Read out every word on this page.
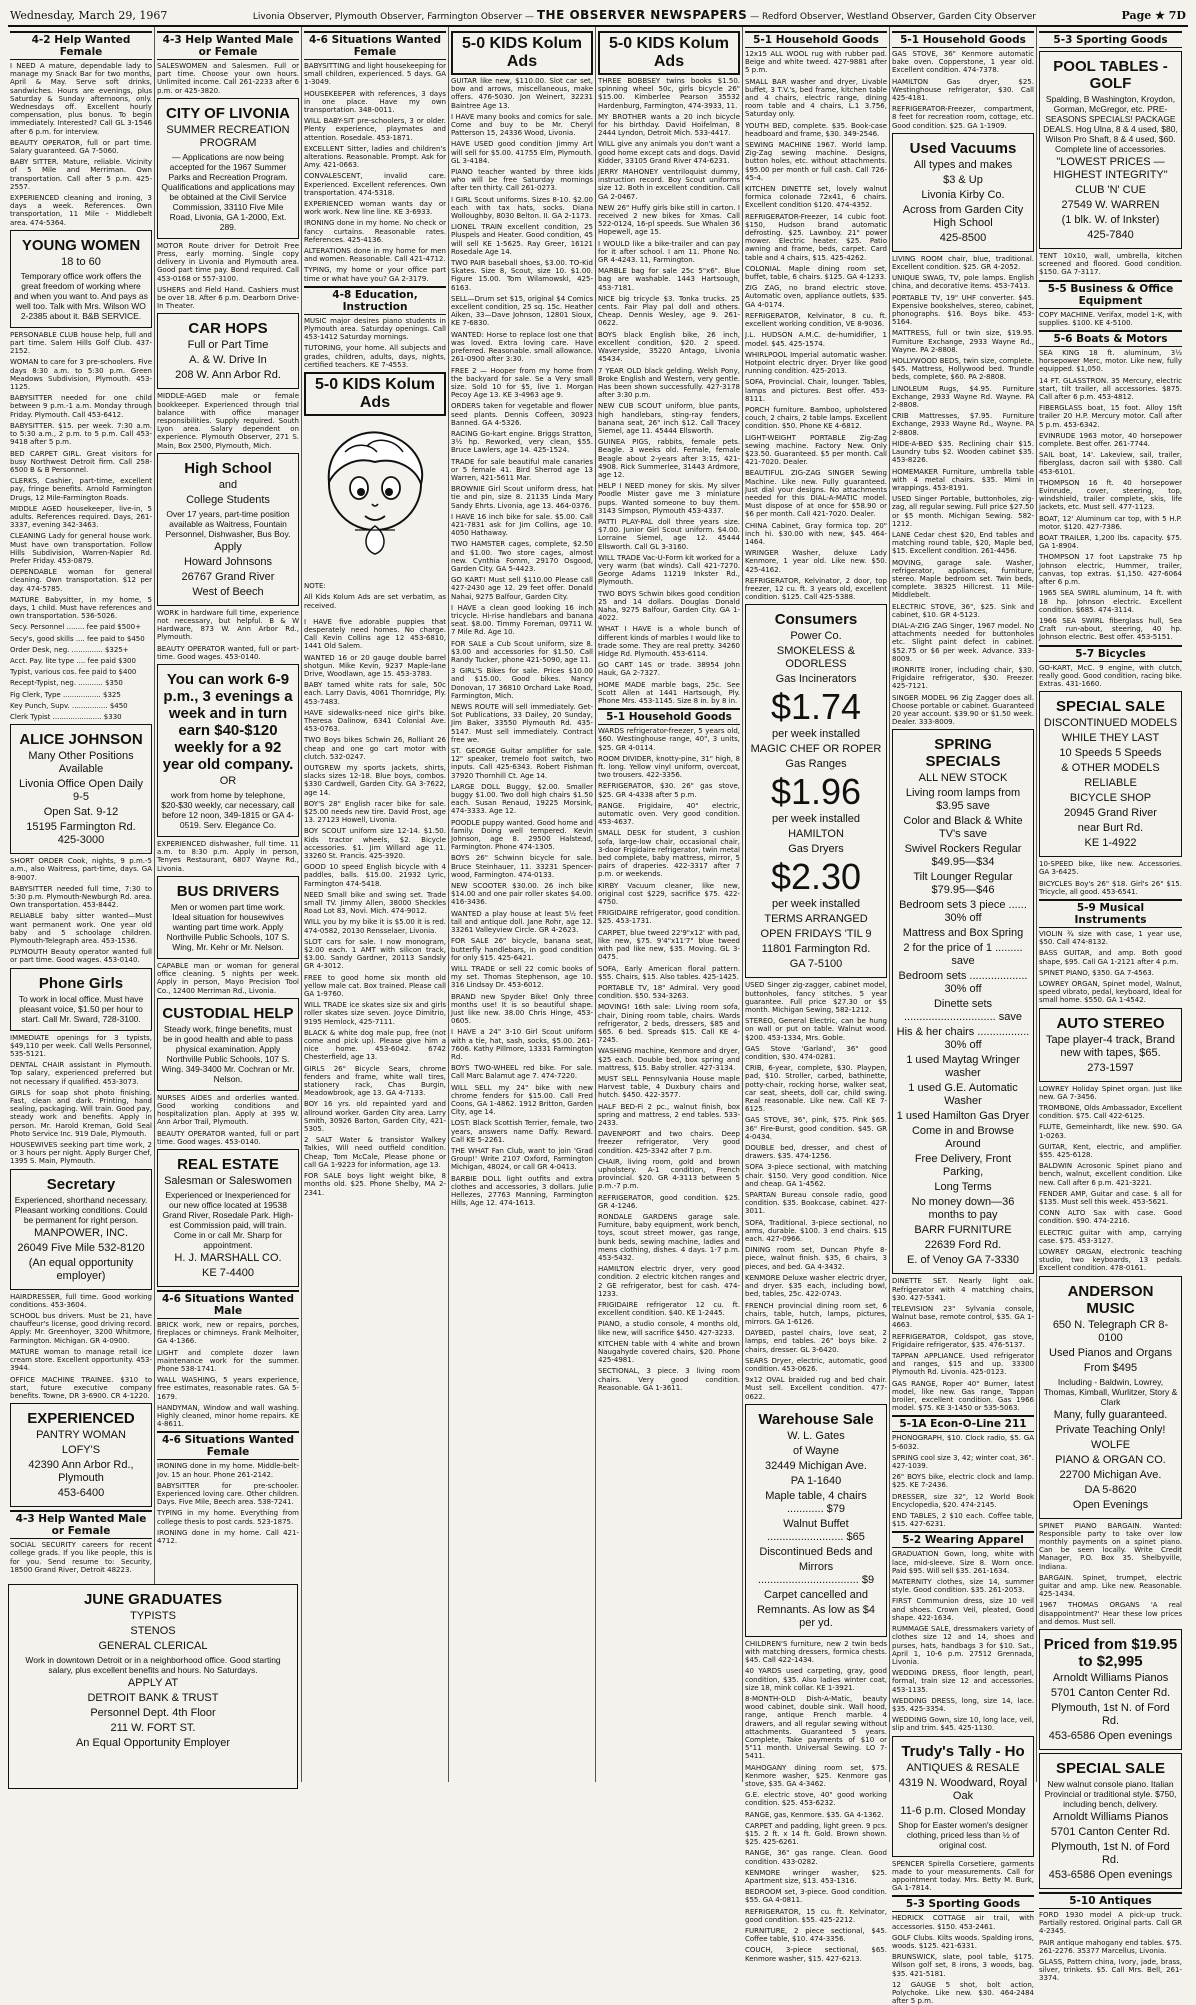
Wednesday, March 29, 1967	Livonia Observer, Plymouth Observer, Farmington Observer — THE OBSERVER NEWSPAPERS — Redford Observer, Westland Observer, Garden City Observer	Page ★ 7D
4-2 Help Wanted Female
I NEED A mature, dependable lady to manage my Snack Bar for two months, April & May. Serve soft drinks, sandwiches. Hours are evenings, plus Saturday & Sunday afternoons, only. Wednesdays off. Excellent hourly compensation, plus bonus. To begin immediately. Interested? Call GL 3-1546 after 6 p.m. for interview.
BEAUTY OPERATOR, full or part time. Salary guaranteed. GA 7-5060.
BABY SITTER. Mature, reliable. Vicinity of 5 Mile and Merriman. Own transportation. Call after 5 p.m. 425-2557.
EXPERIENCED cleaning and ironing, 3 days a week. References. Own transportation, 11 Mile - Middlebelt area. 474-5364.
YOUNG WOMEN
18 to 60
Temporary office work offers the great freedom of working where and when you want to. And pays as well too. Talk with Mrs. Wilson WO 2-2385 about it. B&B SERVICE.
PERSONABLE CLUB house help, full and part time. Salem Hills Golf Club. 437-2152.
WOMAN to care for 3 pre-schoolers. Five days 8:30 a.m. to 5:30 p.m. Green Meadows Subdivision, Plymouth. 453-1125.
BABYSITTER needed for one child between 9 p.m.-1 a.m. Monday through Friday. Plymouth. Call 453-6412.
BABYSITTER. $15. per week. 7:30 a.m. to 5:30 a.m., 2 p.m. to 5 p.m. Call 453-9418 after 5 p.m.
BED CARPET GIRL. Great visitors for busy Northwest Detroit firm. Call 258-6500 B & B Personnel.
CLERKS, Cashier, part-time, excellent pay, fringe benefits. Arnold Farmington Drugs, 12 Mile-Farmington Roads.
MIDDLE AGED housekeeper, live-in, 5 adults. References required. Days, 261-3337, evening 342-3463.
CLEANING Lady for general house work. Must have own transportation. Follow Hills Subdivision, Warren-Napier Rd. Prefer Friday. 453-0879.
DEPENDABLE woman for general cleaning. Own transportation. $12 per day. 474-5785.
MATURE Babysitter, in my home, 5 days, 1 child. Must have references and own transportation. 536-5026.
Secy. Personnel ........ fee paid $500+
Secy's, good skills .... fee paid to $450
Order Desk, neg. .............. $325+
Acct. Pay. lite type .... fee paid $300
Typist, various cos. fee paid to $400
Recept-Typist, neg. ........... $350
Fig Clerk, Type ................. $325
Key Punch, Supv. ................ $450
Clerk Typist ...................... $330
ALICE JOHNSON
Many Other Positions Available
Livonia Office Open Daily 9-5
Open Sat. 9-12
15195 Farmington Rd. 425-3000
SHORT ORDER Cook, nights, 9 p.m.-5 a.m., also Waitress, part-time, days. GA 8-9007.
BABYSITTER needed full time, 7:30 to 5:30 p.m. Plymouth-Newburgh Rd. area. Own transportation. 453-8442.
RELIABLE baby sitter wanted—Must want permanent work. One year old baby and 5 schoolage children. Plymouth-Telegraph area. 453-1536.
PLYMOUTH Beauty operator wanted full or part time. Good wages. 453-0140.
Phone Girls
To work in local office. Must have pleasant voice, $1.50 per hour to start. Call Mr. Sward, 728-3100.
IMMEDIATE openings for 3 typists, $49,110 per week. Call Wells Personnel, 535-5121.
DENTAL CHAIR assistant in Plymouth. Top salary, experienced preferred but not necessary if qualified. 453-3073.
GIRLS for soap shot photo finishing. Fast, clean and dark. Printing, hand sealing, packaging. Will train. Good pay, steady work and benefits. Apply in person. Mr. Harold Kreman, Gold Seal Photo Service Inc. 919 Dale, Plymouth.
HOUSEWIVES seeking part time work, 2 or 3 hours per night. Apply Burger Chef, 1395 S. Main, Plymouth.
Secretary
Experienced, shorthand necessary. Pleasant working conditions. Could be permanent for right person.
MANPOWER, INC.
26049 Five Mile 532-8120
(An equal opportunity employer)
HAIRDRESSER, full time. Good working conditions. 453-3604.
SCHOOL bus drivers. Must be 21, have chauffeur's license, good driving record. Apply: Mr. Greenhoyer, 3200 Whitmore, Farmington. Michigan. GR 4-0900.
MATURE woman to manage retail ice cream store. Excellent opportunity. 453-3944.
OFFICE MACHINE TRAINEE. $310 to start, future executive company benefits. Towne, DR 3-6900. CR 4-1220.
EXPERIENCED
PANTRY WOMAN
LOFY'S
42390 Ann Arbor Rd., Plymouth
453-6400
4-3 Help Wanted Male or Female
SOCIAL SECURITY careers for recent college grads. If you like people, this is for you. Send resume to: Security, 18500 Grand River, Detroit 48223.
4-3 Help Wanted Male or Female
SALESWOMEN and Salesmen. Full or part time. Choose your own hours. Unlimited income. Call 261-2233 after 6 p.m. or 425-3820.
CITY OF LIVONIA
SUMMER RECREATION PROGRAM
— Applications are now being accepted for the 1967 Summer Parks and Recreation Program. Qualifications and applications may be obtained at the Civil Service Commission, 33110 Five Mile Road, Livonia, GA 1-2000, Ext. 289.
MOTOR Route driver for Detroit Free Press, early morning. Single copy delivery in Livonia and Plymouth area. Good part time pay. Bond required. Call 453-0168 or 557-3100.
USHERS and Field Hand. Cashiers must be over 18. After 6 p.m. Dearborn Drive-In Theater.
CAR HOPS
Full or Part Time
A. & W. Drive In
208 W. Ann Arbor Rd.
MIDDLE-AGED male or female bookkeeper. Experienced through trial balance with office manager responsibilities. Supply required. South Lyon area. Salary dependent on experience. Plymouth Observer, 271 S. Main, Box 2500, Plymouth, Mich.
High School
and
College Students
Over 17 years, part-time position available as Waitress, Fountain Personnel, Dishwasher, Bus Boy.
Apply
Howard Johnsons
26767 Grand River
West of Beech
WORK in hardware full time, experience not necessary, but helpful. B & W Hardware, 873 W. Ann Arbor Rd., Plymouth.
BEAUTY OPERATOR wanted, full or part-time. Good wages. 453-0140.
You can work 6-9 p.m., 3 evenings a week and in turn earn $40-$120 weekly for a 92 year old company.
OR
work from home by telephone, $20-$30 weekly, car necessary, call before 12 noon, 349-1815 or GA 4-0519. Serv. Elegance Co.
EXPERIENCED dishwasher, full time. 11 a.m. to 8:30 p.m. Apply in person, Tenyes Restaurant, 6807 Wayne Rd., Livonia.
BUS DRIVERS
Men or women part time work. Ideal situation for housewives wanting part time work. Apply Northville Public Schools, 107 S. Wing, Mr. Kehr or Mr. Nelson.
CAPABLE man or woman for general office cleaning. 5 nights per week. Apply in person, Mayo Precision Tool Co., 12400 Merriman Rd., Livonia.
CUSTODIAL HELP
Steady work, fringe benefits, must be in good health and able to pass physical examination. Apply Northville Public Schools, 107 S. Wing. 349-3400 Mr. Cochran or Mr. Nelson.
NURSES AIDES and orderlies wanted. Good working conditions and hospitalization plan. Apply at 395 W. Ann Arbor Trail, Plymouth.
BEAUTY OPERATOR wanted, full or part time. Good wages. 453-0140.
REAL ESTATE
Salesman or Saleswomen
Experienced or Inexperienced for our new office located at 19538 Grand River, Rosedale Park. High-est Commission paid, will train. Come in or call Mr. Sharp for appointment.
H. J. MARSHALL CO.
KE 7-4400
4-6 Situations Wanted Male
BRICK work, new or repairs, porches, fireplaces or chimneys. Frank Melhoiter, GA 4-1366.
LIGHT and complete dozer lawn maintenance work for the summer. Phone 538-1741.
WALL WASHING, 5 years experience, free estimates, reasonable rates. GA 5-1679.
HANDYMAN, Window and wall washing. Highly cleaned, minor home repairs. KE 4-8611.
4-6 Situations Wanted Female
IRONING done in my home. Middle-belt-Jov. 15 an hour. Phone 261-2142.
BABYSITTER for pre-schooler. Experienced loving care. Other children. Days. Five Mile, Beech area. 538-7241.
TYPING in my home. Everything from college thesis to post cards. 523-1875.
IRONING done in my home. Call 421-4712.
4-6 Situations Wanted Female
BABYSITTING and light housekeeping for small children, experienced. 5 days. GA 1-3049.
HOUSEKEEPER with references, 3 days in one place. Have my own transportation. 348-0011.
WILL BABY-SIT pre-schoolers, 3 or older. Plenty experience, playmates and attention. Rosedale. 453-1871.
EXCELLENT Sitter, ladies and children's alterations. Reasonable. Prompt. Ask for Amy. 421-0663.
CONVALESCENT, invalid care. Experienced. Excellent references. Own transportation. 474-5318.
EXPERIENCED woman wants day or work work. New line line. KE 3-6933.
IRONING done in my home. No check or fancy curtains. Reasonable rates. References. 425-4136.
ALTERATIONS done in my home for men and women. Reasonable. Call 421-4712.
TYPING, my home or your office part time or what have you? GA 2-3179.
4-8 Education, Instruction
MUSIC major desires piano students in Plymouth area. Saturday openings. Call 453-1412 Saturday mornings.
TUTORING, your home. All subjects and grades, children, adults, days, nights, certified teachers. KE 7-4553.
5-0 KIDS Kolum Ads
NOTE:
All Kids Kolum Ads are set verbatim, as received.
I HAVE five adorable puppies that desperately need homes. No charge. Call Kevin Collins age 12 453-6810, 1441 Old Salem.
WANTED 16 or 20 gauge double barrel shotgun. Mike Kevin, 9237 Maple-lane Drive, Woodlawn, age 15. 453-3783.
BABY tamed white rats for sale, 50c each. Larry Davis, 4061 Thornridge, Ply. 453-7483.
HAVE sidewalks-need nice girl's bike. Theresa Dalinow, 6341 Colonial Ave. 453-0763.
TWO Boys bikes Schwin 26, Rolliant 26 cheap and one go cart motor with clutch. 532-0247.
OUTGREW my sports jackets, shirts, slacks sizes 12-18. Blue boys, combos. $330 Cardwell, Garden City. GA 3-7622, age 14.
BOY'S 28" English racer bike for sale. $25.00 needs new tire. David Frost, age 13. 27123 Howell, Livonia.
BOY SCOUT uniform size 12-14. $1.50. Kids tractor wheels, $2. Bicycle accessories. $1. Jim Willard age 11. 33260 St. Francis. 425-3920.
GOOD 10 speed English bicycle with 4 paddles, balls. $15.00. 21932 Lyric, Farmington 474-5418.
NEED Small bike and swing set. Trade small TV. Jimmy Allen, 38000 Sheckles Road Lot 83, Novi. Mich. 474-9012.
WILL you by my bike it is $5.00 it is red. 474-0582, 20130 Rensselaer, Livonia.
SLOT cars for sale. I now monogram, $2.00 each. 1 AMT with silicon track, $3.00. Sandy Gardner, 20113 Sandsly GR 4-3012.
FREE to good home six month old yellow male cat. Box trained. Please call GA 1-9760.
WILL TRADE ice skates size six and girls roller skates size seven. Joyce Dimitrio, 9195 Hemlock, 425-7111.
BLACK & white dog male pup, free (not come and pick up). Please give him a nice home. 453-6042. 6742 Chesterfield, age 13.
GIRLS 26" Bicycle Sears, chrome fenders and frame, white wall tires, stationery rack, Chas Burgin, Meadowbrook, age 13. GA 4-7133.
BOY 16 yrs. old repainted yard and allround worker. Garden City area. Larry Smith, 30926 Barton, Garden City, 421-5305.
2 SALT Water & transistor Walkey Talkies, Will need outfield condition. Cheap, Tom McCale, Please phone or call GA 1-9223 for information, age 13.
FOR SALE boys light weight bike, 8 months old. $25. Phone Shelby, MA 2-2341.
5-0 KIDS Kolum Ads
GUITAR like new, $110.00. Slot car set, bow and arrows, miscellaneous, make offers. 476-5030. Jon Weinert, 32231 Baintree Age 13.
I HAVE many books and comics for sale. Come and buy to be Mr. Cheryl Patterson 15, 24336 Wood, Livonia.
HAVE USED good condition Jimmy Art will sell for $5.00. 41755 Elm, Plymouth. GL 3-4184.
PIANO teacher wanted by three kids who will be free Saturday mornings after ten thirty. Call 261-0273.
I GIRL Scout uniforms. Sizes 8-10. $2.00 each with tax hats, socks. Diana Wolloughby, 8030 Belton. II. GA 2-1173.
LIONEL TRAIN excellent condition, 25 Pluspels and Heater. Good condition, 45 will sell KE 1-5625. Ray Greer, 16121 Rosedale Age 14.
TWO PAIR baseball shoes, $3.00. TO-Kid Skates. Size 8, Scout, size 10. $1.00. Figure 15.00. Tom Wilamowski, 425-6163.
SELL—Drum set $15, original $4 Comics excellent condition, 25 sq. 15c. Heather Aiken, 33—Dave Johnson, 12801 Sioux, KE 7-6830.
WANTED: Horse to replace lost one that was loved. Extra loving care. Have preferred. Reasonable. small allowance. 261-0900 after 3:30.
FREE 2 — Hooper from my home from the backyard for sale. Se a Very small size. Sold 10 for $5, live 1. Morgan Pecoy Age 13. KE 3-4963 age 9.
ORDERS taken for vegetable and flower seed plants. Dennis Coffeen, 30923 Banned. GA 4-5326.
RACING Go-kart engine. Briggs Stratton, 3½ hp. Reworked, very clean, $55. Bruce Lawlers, age 14. 425-1524.
TRADE for sale beautiful male canaries or 5 female 41. Bird Sherrod age 13 Warren, 421-5611 Mar.
BROWNIE Girl Scout uniform dress, hat tie and pin, size 8. 21135 Linda Mary Sandy Ehrts. Livonia, age 13. 464-0376.
I HAVE 16 inch bike for sale. $5.00. Call 421-7831 ask for Jim Collins, age 10. 4050 Hathaway.
TWO HAMSTER cages, complete, $2.50 and $1.00. Two store cages, almost new. Cynthia Fomm, 29170 Osgood, Garden City. GA 5-4423.
GO KART! Must sell $110.00 Please call 427-2430 age 12. 29 feet offer. Donald Nahai, 9275 Balfour, Garden City.
I HAVE a clean good looking 16 inch tricycle. Hi-rise handlebars and banana seat. $8.00. Timmy Foreman, 09711 W. 7 Mile Rd. Age 10.
FOR SALE a Cub Scout uniform, size 8. $3.00 and accessories for $1.50. Call Randy Tucker, phone 421-5090, age 11.
3 GIRL'S Bikes for sale. Prices $10.00 and $15.00. Good bikes. Nancy Donovan, 17 36810 Orchard Lake Road, Farmington, Mich.
NEWS ROUTE will sell immediately. Get-Sot Publications, 33 Dailey, 20 Sunday, Jim Baker, 33550 Plymouth Rd. 435-5147. Must sell immediately. Contract free we.
ST. GEORGE Guitar amplifier for sale. 12" speaker, tremelo foot switch, two inputs. Call 425-6343. Robert Fishman 37920 Thornhill Ct. Age 14.
LARGE DOLL Buggy, $2.00. Smaller buggy $1.00. Two doll high chairs $1.50 each. Susan Renaud, 19225 Morsink, 474-3333. Age 12.
POODLE puppy wanted. Good home and family. Doing well tempered. Kevin Johnson, age 8. 29500 Halstead, Farmington. Phone 474-1305.
BOYS 26" Schwinn bicycle for sale. Bruce Steinhauer, 11. 33231 Spencer-wood, Farmington. 474-0133.
NEW SCOOTER $30.00. 26 inch bike $14.00 and one pair roller skates $4.00. 416-3436.
WANTED a play house at least 5½ feet tall and antique doll. Jane Rohr, age 12. 33261 Valleyview Circle. GR 4-2623.
FOR SALE 26" bicycle, banana seat, butterfly handlebars, in good condition for only $15. 425-6421.
WILL TRADE or sell 22 comic books of my set. Thomas Stephenson, age 10. 316 Lindsay Dr. 453-6012.
BRAND new Spyder Bike! Only three months use! It is so beautiful shape. Just like new. 38.00 Chris Hinge, 453-0605.
I HAVE a 24" 3-10 Girl Scout uniform with a tie, hat, sash, socks, $5.00. 261-7606. Kathy Pillmore, 13331 Farmington Rd.
BOYS TWO-WHEEL red bike. For sale. Call Marc Balamut age 7. 474-7220.
WILL SELL my 24" bike with new chrome fenders for $15.00. Call Fred Coons, GA 1-4862. 1912 Britton, Garden City, age 14.
LOST: Black Scottish Terrier, female, two years, answers name Daffy. Reward. Call KE 5-2261.
THE WHAT Fan Club, want to join 'Grad Group!' Write 2107 Oxford, Farmington Michigan, 48024, or call GR 4-0413.
BARBIE DOLL light outfits and extra clothes and accessories, 3 dollars. Julie Hellezes, 27763 Manning, Farmington Hills, Age 12. 474-1613.
5-0 KIDS Kolum Ads
THREE BOBBSEY twins books $1.50. spinning wheel 50c, girls bicycle 26" $15.00. Kimberlee Pearson 35532 Hardenburg, Farmington, 474-3933, 11.
MY BROTHER wants a 20 inch bicycle for his birthday. David Hoifelman, 8 2444 Lyndon, Detroit Mich. 533-4417.
WILL give any animals you don't want a good home except cats and dogs. David Kidder, 33105 Grand River 474-6231.
JERRY MAHONEY ventriloquist dummy, instruction record. Boy Scout uniforms size 12. Both in excellent condition. Call GA 2-0467.
NEW 26" Huffy girls bike still in carton. I received 2 new bikes for Xmas. Call 522-0124, 16-pl speeds. Sue Whalen 36 Hopewell, age 15.
I WOULD like a bike-trailer and can pay for it after school. I am 11. Phone No. GR 4-4243. 11, Farmington.
MARBLE bag for sale 25c 5"x6". Blue bag are washable. 1443 Hartsough, 453-7181.
NICE big tricycle $3. Tonka trucks. 25 cents. Fair Play pal doll and others. Cheap. Dennis Wesley, age 9. 261-0622.
BOYS black English bike, 26 inch, excellent condition, $20. 2 speed. Waveryside, 35220 Antago, Livonia 45434.
7 YEAR OLD black gelding. Welsh Pony, Broke English and Western, very gentle. Has been shown successfully. 427-3178 after 3:30 p.m.
NEW CUB SCOUT uniform, blue pants, high handlebars, sting-ray fenders, banana seat, 26" inch $12. Call Tracey Siemel, age 11. 45444 Ellsworth.
GUINEA PIGS, rabbits, female pets. Beagle. 3 weeks old. Female, female Beagle about 2-years after 3:15, 421-4908. Rick Summerlee, 31443 Ardmore, age 12.
HELP I NEED money for skis. My silver Poodle Mister gave me 3 miniature pups. Wanted someone to buy them. 3143 Simpson, Plymouth 453-4337.
PATTI PLAY-PAL doll three years size. $7.00. Junior Girl Scout uniform. $4.00. Lorraine Siemel, age 12. 45444 Ellsworth. Call GL 3-3160.
WILL TRADE Vac-U-Form kit worked for a very warm (bat winds). Call 421-7270. George Adams 11219 Inkster Rd., Plymouth.
TWO BOYS Schwin bikes good condition 25 and 14 dollars. Douglas Donald Naha, 9275 Balfour, Garden City. GA 1-4022.
WHAT I HAVE is a whole bunch of different kinds of marbles I would like to trade some. They are real pretty. 34260 Hidge Rd. Plymouth. 453-6114.
GO CART 14S or trade. 38954 John Hauk, GA 2-7327.
HOME MADE marble bags, 25c. See Scott Allen at 1441 Hartsough, Ply. Phone Mrs. 453-1145. Size 8 in. by 8 in.
5-1 Household Goods
WARDS refrigerator-freezer, 5 years old, $60. Westinghouse range, 40", 3 units, $25. GR 4-0114.
ROOM DIVIDER, knotty-pine, 31" high, 8 ft. long. Yellow vinyl uniform, overcoat, two trousers. 422-3356.
REFRIGERATOR, $30. 26" gas stove, $25. GR 4-4338 after 5 p.m.
RANGE. Frigidaire, 40" electric, automatic oven. Very good condition. 453-4637.
SMALL DESK for student, 3 cushion sofa, large-low chair, occasional chair, 3-door Frigidaire refrigerator, twin metal bed complete, baby mattress, mirror, 5 pairs of draperies. 422-3317 after 7 p.m. or weekends.
KIRBY Vacuum cleaner, like new, original cost $229, sacrifice $75. 422-4750.
FRIGIDAIRE refrigerator, good condition. $25. 453-1731.
CARPET, blue tweed 22'9"x12' with pad, like new, $75. 9'4"x11'7" blue tweed with pad like new, $35. Moving. GL 3-0475.
SOFA, Early American floral pattern. $55. Chairs, $15. Also tables. 425-1425.
PORTABLE TV, 18" Admiral. Very good condition. $50. 534-3263.
MOVING! 16th sale: Living room sofa, chair, Dining room table, chairs. Wards refrigerator, 2 beds, dressers, $85 and $65. 6 bed. Spreads $15. Call KE 4-7245.
WASHING machine, Kenmore and dryer, $25 each. Double bed, box spring and mattress, $15. Baby stroller. 427-3134.
MUST SELL Pennsylvania House maple Harvest table, 4 Duxbury chairs and hutch. $450. 422-3577.
HALF BED-Fi 2 pc., walnut finish, box spring and mattress, 2 end tables. 533-2433.
DAVENPORT and two chairs. Deep freezer refrigerator, Very good condition. 425-3342 after 7 p.m.
CHAIR, living room, gold and brown upholstery. A-1 condition, French provincial. $20. GR 4-3113 between 5 p.m.-7 p.m.
REFRIGERATOR, good condition. $25. GR 4-1246.
RONDALE GARDENS garage sale. Furniture, baby equipment, work bench, toys, scout street mower, gas range, bunk beds, sewing machine, ladies and mens clothing, dishes. 4 days. 1-7 p.m. 453-5432.
HAMILTON electric dryer, very good condition. 2 electric kitchen ranges and 2 GE refrigerator, best for cash. 474-1233.
FRIGIDAIRE refrigerator 12 cu. ft. excellent condition. $40. KE 1-2445.
PIANO, a studio console, 4 months old, like new, will sacrifice $450. 427-3233.
KITCHEN table with 4 white and brown Naugahyde covered chairs, $20. Phone 425-4981.
SECTIONAL, 3 piece. 3 living room chairs. Very good condition. Reasonable. GA 1-3611.
5-1 Household Goods
12x15 ALL WOOL rug with rubber pad. Beige and white tweed. 427-9881 after 5 p.m.
SMALL BAR washer and dryer, Livable buffet, 3 T.V.'s, bed frame, kitchen table and 4 chairs, electric range, dining room table and 4 chairs, L.1 3.756, Saturday only.
YOUTH BED, complete. $35. Book-case headboard and frame, $30. 349-2546.
SEWING MACHINE 1967. World lamp. Zig-Zag sewing machine. Designs, button holes, etc. without attachments. $95.00 per month or full cash. Call 726-45-4.
KITCHEN DINETTE set, lovely walnut formica colonade 72x41, 6 chairs. Excellent condition $120. 474-4352.
REFRIGERATOR-Freezer, 14 cubic foot. $150, Hudson brand automatic defrosting. $25. Lawnboy. 21" power mower. Electric heater. $25. Patio awning and frame, beds, carpet. Card table and 4 chairs, $15. 425-4262.
COLONIAL Maple dining room set, buffet, table, 6 chairs. $125. GA 4-1233.
ZIG ZAG, no brand electric stove. Automatic oven, appliance outlets, $35. GA 4-0174.
REFRIGERATOR, Kelvinator, 8 cu. ft. excellent working condition, VE 8-9036.
J.L. HUDSON A.M.C. de-humidifier, 1 model. $45. 425-1574.
WHIRLPOOL Imperial automatic washer. Hotpoint electric dryer. Dryer like good running condition. 425-2013.
SOFA, Provincial. Chair, lounger. Tables, lamps and pictures. Best offer. 453-8111.
PORCH furniture. Bamboo, upholstered couch, 2 chairs, 2 table lamps. Excellent condition. $50. Phone KE 4-6812.
LIGHT-WEIGHT PORTABLE Zig-Zag sewing machine. Factory New. Only $23.50. Guaranteed. $5 per month. Call 421-7020. Dealer.
BEAUTIFUL ZIG-ZAG SINGER Sewing Machine. Like new. Fully guaranteed. Just dial your designs. No attachments needed for this DIAL-A-MATIC model. Must dispose of at once for $58.90 or $6 per month. Call 421-7020. Dealer.
CHINA Cabinet, Gray formica top. 20" inch hi. $30.00 with new, $45. 464-1464.
WRINGER Washer, deluxe Lady Kenmore, 1 year old. Like new. $50. 425-4162.
REFRIGERATOR, Kelvinator, 2 door, top freezer, 12 cu. ft. 3 years old, excellent condition. $125. Call 425-5388.
Consumers
Power Co.
SMOKELESS & ODORLESS
Gas Incinerators
$1.74
per week installed
MAGIC CHEF OR ROPER
Gas Ranges
$1.96
per week installed
HAMILTON
Gas Dryers
$2.30
per week installed
TERMS ARRANGED
OPEN FRIDAYS 'TIL 9
11801 Farmington Rd.
GA 7-5100
USED Singer zig-zagger, cabinet model, buttonholes, fancy stitches. 5 year guarantee. Full price $27.30 or $5 month. Michigan Sewing, 582-1212.
STEREO, General Electric, can be hung on wall or put on table. Walnut wood. $200. 453-1334, Mrs. Goble.
GAS Stove 'Garland', 36" good condition, $30. 474-0281.
CRIB, 6-year, complete, $30. Playpen, pad, $10. Stroller, carbed, bathinette, potty-chair, rocking horse, walker seat, car seat, sheets, doll car, child swing. Real reasonable. Like new. Call KE 7-6125.
GAS STOVE, 36", pink, $75. Pink $65. 36" Fire-Burst, good condition. $45. GR 4-0434.
DOUBLE bed, dresser, and chest of drawers. $35. 474-1256.
SOFA 3-piece sectional, with matching chair. $150. Very good condition. Nice and cheap. GA 1-4562.
SPARTAN Bureau console radio, good condition. $35. Bookcase, cabinet. 427-3011.
SOFA, Traditional. 3-piece sectional, no arms, durable. $100. 3 end chairs. $15 each. 427-0966.
DINING room set, Duncan Phyfe 8-piece, walnut finish. $35, 6 chairs, 3 pieces, and bed. GA 4-3432.
KENMORE Deluxe washer electric dryer, and dryer. $35 each, including bowl, bed, tables, 25c. 422-0743.
FRENCH provincial dining room set, 6 chairs, table, hutch, lamps, pictures, mirrors. GA 1-6126.
DAYBED, pastel chairs, love seat, 2 lamps, end tables. 26" boys bike. 2 chairs, dresser. GL 3-6420.
SEARS Dryer, electric, automatic, good condition. 453-0626.
9x12 OVAL braided rug and bed chair. Must sell. Excellent condition. 477-0622.
Warehouse Sale
W. L. Gates
of Wayne
32449 Michigan Ave.
PA 1-1640
Maple table, 4 chairs ............ $79
Walnut Buffet ......................... $65
Discontinued Beds and
Mirrors ................................. $9
Carpet cancelled and
Remnants. As low as $4 per yd.
CHILDREN'S furniture, new 2 twin beds with matching dressers, formica chests. $45. Call 422-1434.
40 YARDS used carpeting, gray, good condition, $35. Also ladies winter coat, size 18, mink collar. KE 1-3921.
8-MONTH-OLD Dish-A-Matic, beauty wood cabinet, double sink. Wall hood, range, antique French marble. 4 drawers, and all regular sewing without attachments. Guaranteed 5 years. Complete, Take payments of $10 or 5"11 month. Universal Sewing. LO 7-5411.
MAHOGANY dining room set, $75. Kenmore washer, $25. Kenmore gas stove, $35. GA 4-3462.
G.E. electric stove, 40" good working condition. $25. 453-6232.
RANGE, gas, Kenmore. $35. GA 4-1362.
CARPET and padding, light green. 9 pcs. $15. 2 ft. x 14 ft. Gold. Brown shown. $25. 425-6261.
RANGE, 36" gas range. Clean. Good condition. 433-0282.
KENMORE wringer washer, $25. Apartment size, $13. 453-1316.
BEDROOM set, 3-piece. Good condition. $55. GA 4-0811.
REFRIGERATOR, 15 cu. ft. Kelvinator, good condition. $55. 425-2212.
FURNITURE, 2 piece sectional, $45. Coffee table, $10. 474-3356.
COUCH, 3-piece sectional, $65. Kenmore washer, $15. 427-6213.
5-1 Household Goods
GAS STOVE, 36" Kenmore automatic bake oven. Copperstone, 1 year old. Excellent condition. 474-7378.
HAMILTON Gas dryer, $25. Westinghouse refrigerator, $30. Call 425-4181.
REFRIGERATOR-Freezer, compartment, 8 feet for recreation room, cottage, etc. Good condition. $25. GA 1-1909.
Used Vacuums
All types and makes
$3 & Up
Livonia Kirby Co.
Across from Garden City High School
425-8500
LIVING ROOM chair, blue, traditional. Excellent condition. $25. GR 4-2052.
UNIQUE SWAG, TV, pole lamps. English china, and decorative items. 453-7413.
PORTABLE TV, 19" UHF converter. $45. Expensive bookshelves, stereo, cabinet, phonographs. $16. Boys bike. 453-5164.
MATTRESS, full or twin size, $19.95. Furniture Exchange, 2933 Wayne Rd., Wayne. PA 2-8808.
HOLLYWOOD BEDS, twin size, complete. $45. Mattress, Hollywood bed. Trundle beds, complete, $60. PA 2-8808.
LINOLEUM Rugs, $4.95. Furniture Exchange, 2933 Wayne Rd. Wayne. PA 2-8808.
CRIB Mattresses, $7.95. Furniture Exchange, 2933 Wayne Rd., Wayne. PA 2-8808.
HIDE-A-BED $35. Reclining chair $15. Laundry tubs $2. Wooden cabinet $35. 453-8226.
HOMEMAKER Furniture, umbrella table with 4 metal chairs. $35. Mimi in wrappings. 453-8191.
USED Singer Portable, buttonholes, zig-zag, all regular sewing. Full price $27.50 or $5 month. Michigan Sewing. 582-1212.
LANE Cedar chest $20, End tables and matching round table, $20, Maple bed, $15. Excellent condition. 261-4456.
MOVING, garage sale. Washer, refrigerator, appliances, furniture, stereo. Maple bedroom set. Twin beds, complete. 38325 Hillcrest. 11 Mile-Middlebelt.
ELECTRIC STOVE, 36", $25. Sink and cabinet, $10. GR 4-5123.
DIAL-A-ZIG ZAG Singer, 1967 model. No attachments needed for buttonholes etc. Slight paint defect in cabinet. $52.75 or $6 per week. Advance. 333-8009.
IRONRITE Ironer, including chair, $30. Frigidaire refrigerator, $30. Freezer. 425-7121.
SINGER MODEL 96 Zig Zagger does all. Choose portable or cabinet. Guaranteed 20 year account. $39.90 or $1.50 week. Dealer. 333-8009.
SPRING SPECIALS
ALL NEW STOCK
Living room lamps from $3.95 save
Color and Black & White TV's save
Swivel Rockers Regular $49.95—$34
Tilt Lounger Regular $79.95—$46
Bedroom sets 3 piece ...... 30% off
Mattress and Box Spring
2 for the price of 1 ......... save
Bedroom sets ................... 30% off
Dinette sets .............................. save
His & her chairs ................. 30% off
1 used Maytag Wringer washer
1 used G.E. Automatic Washer
1 used Hamilton Gas Dryer
Come in and Browse Around
Free Delivery, Front Parking,
Long Terms
No money down—36 months to pay
BARR FURNITURE
22639 Ford Rd.
E. of Venoy GA 7-3330
DINETTE SET. Nearly light oak. Refrigerator with 4 matching chairs, $30. 427-5341.
TELEVISION 23" Sylvania console, Walnut base, remote control, $35. GA 1-4663.
REFRIGERATOR, Coldspot, gas stove, Frigidaire refrigerator, $35. 476-5137.
TAPPAN APPLIANCE. Used refrigerator and ranges, $15 and up. 33300 Plymouth Rd. Livonia. 425-0123.
GAS RANGE, Roper 40" Burner, latest model, like new. Gas range, Tappan broiler, excellent condition. Gas 1966 model. $75. KE 3-1450 or 535-5063.
5-1A Econ-O-Line 211
PHONOGRAPH, $10. Clock radio, $5. GA 5-6032.
SPRING cool size 3, 42; winter coat, 36". 427-1039.
26" BOYS bike, electric clock and lamp. $25. KE 7-2436.
DRESSER, size 32", 12 World Book Encyclopedia, $20. 474-2145.
END TABLES, 2 $10 each. Coffee table, $15. 427-6231.
5-2 Wearing Apparel
GRADUATION Gown, long, white with lace, mid-sleeve. Size 8. Worn once. Paid $95. Will sell $35. 261-1634.
MATERNITY clothes, size 14, summer style. Good condition. $35. 261-2053.
FIRST Communion dress, size 10 veil and shoes. Crown Veil, pleated, Good shape. 422-1634.
RUMMAGE SALE, dressmakers variety of clothes size 12 and 14, shoes and purses, hats, handbags 3 for $10. Sat., April 1, 10-6 p.m. 27512 Grennada, Livonia.
WEDDING DRESS, floor length, pearl, formal, train size 12 and accessories. 453-1135.
WEDDING DRESS, long, size 14, lace. $35. 425-3354.
WEDDING Gown, size 10, long lace, veil, slip and trim. $45. 425-1130.
Trudy's Tally - Ho
ANTIQUES & RESALE
4319 N. Woodward, Royal Oak
11-6 p.m. Closed Monday
Shop for Easter women's designer clothing, priced less than ½ of original cost.
SPENCER Spirella Corsetiere, garments made to your measurements. Call for appointment today. Mrs. Betty M. Burk, GA 1-7814.
5-3 Sporting Goods
HEDRICK COTTAGE air trail, with accessories. $150. 453-2461.
GOLF Clubs. Kilts woods. Spalding irons, woods. $125. 421-6331.
BRUNSWICK, slate, pool table, $175. Wilson golf set, 8 irons, 3 woods, bag. $35. 421-5181.
12 GAUGE 5 shot, bolt action, Polychoke. Like new. $30. 464-2484 after 5 p.m.
5-3 Sporting Goods
POOL TABLES - GOLF
Spalding, B Washington, Kroydon, Gorman, McGregor, etc. PRE-SEASONS SPECIALS! PACKAGE DEALS. Hog Ulna, 8 & 4 used, $80, Wilson Pro Shaft, 8 & 4 used, $60. Complete line of accessories.
"LOWEST PRICES — HIGHEST INTEGRITY"
CLUB 'N' CUE
27549 W. WARREN
(1 blk. W. of Inkster)
425-7840
TENT 10x10, wall, umbrella, kitchen screened and floored. Good condition. $150. GA 7-3117.
5-5 Business & Office Equipment
COPY MACHINE. Verifax, model 1-K, with supplies. $100. KE 4-5100.
5-6 Boats & Motors
SEA KING 18 ft. aluminum, 3½ horsepower Merc, motor. Like new, fully equipped. $1,050.
14 FT. GLASSTRON. 35 Mercury, electric start, tilt trailer, all accessories. $875. Call after 6 p.m. 453-4812.
FIBERGLASS boat, 15 foot. Alloy 15ft trailer 20 H.P. Mercury motor. Call after 5 p.m. 453-6342.
EVINRUDE 1963 motor, 40 horsepower complete. Best offer. 261-7744.
SAIL boat, 14'. Lakeview, sail, trailer, fiberglass, dacron sail with $380. Call 453-6101.
THOMPSON 16 ft. 40 horsepower Evinrude, cover, steering, top, windshield, trailer complete, skis, life jackets, etc. Must sell. 477-1123.
BOAT, 12' Aluminum car top, with 5 H.P. motor. $120. 427-7386.
BOAT TRAILER, 1,200 lbs. capacity. $75. GA 1-8904.
THOMPSON 17 foot Lapstrake 75 hp Johnson electric, Hummer, trailer, canvas, top extras. $1,150. 427-6064 after 6 p.m.
1965 SEA SWIRL aluminum, 14 ft. with 18 hp. Johnson electric. Excellent condition. $685. 474-3114.
1966 SEA SWIRL fiberglass hull, Sea Craft run-about, steering, 40 hp. Johnson electric. Best offer. 453-5151.
5-7 Bicycles
GO-KART, McC. 9 engine, with clutch, really good. Good condition, racing bike. Extras. 431-1660.
SPECIAL SALE
DISCONTINUED MODELS
WHILE THEY LAST
10 Speeds 5 Speeds
& OTHER MODELS
RELIABLE
BICYCLE SHOP
20945 Grand River
near Burt Rd.
KE 1-4922
10-SPEED bike, like new. Accessories. GA 3-6425.
BICYCLES Boy's 26" $18. Girl's 26" $15. Tricycle, all good. 453-6541.
5-9 Musical Instruments
VIOLIN ¾ size with case, 1 year use, $50. Call 474-8132.
BASS GUITAR, and amp. Both good shape, $95. Call GA 1-2121 after 4 p.m.
SPINET PIANO, $350. GA 7-4563.
LOWREY ORGAN, Spinet model, Walnut, speed vibrato, pedal, keyboard, Ideal for small home. $550. GA 1-4542.
AUTO STEREO
Tape player-4 track, Brand new with tapes, $65.
273-1597
LOWREY Holiday Spinet organ. Just like new. GA 7-3456.
TROMBONE, Olds Ambassador, Excellent condition. $75. Call 422-6125.
FLUTE, Gemeinhardt, like new. $90. GA 1-0263.
GUITAR, Kent, electric, and amplifier. $55. 425-6128.
BALDWIN Acrosonic Spinet piano and bench, walnut, excellent condition. Like new. Call after 6 p.m. 421-3221.
FENDER AMP, Guitar and case. $ all for $135. Must sell this week. 453-5621.
CONN ALTO Sax with case. Good condition. $90. 474-2216.
ELECTRIC guitar with amp, carrying case. $75. 453-3127.
LOWREY ORGAN, electronic teaching studio, two keyboards, 13 pedals. Excellent condition. 478-0161.
ANDERSON MUSIC
650 N. Telegraph CR 8-0100
Used Pianos and Organs
From $495
Including - Baldwin, Lowrey, Thomas, Kimball, Wurlitzer, Story & Clark
Many, fully guaranteed.
Private Teaching Only!
WOLFE
PIANO & ORGAN CO.
22700 Michigan Ave.
DA 5-8620
Open Evenings
SPINET PIANO BARGAIN. Wanted: Responsible party to take over low monthly payments on a spinet piano. Can be seen locally. Write Credit Manager, P.O. Box 35. Shelbyville, Indiana.
BARGAIN. Spinet, trumpet, electric guitar and amp. Like new. Reasonable. 425-1434.
1967 THOMAS ORGANS 'A real disappointment?' Hear these low prices and demos. Must sell.
Priced from $19.95 to $2,995
Arnoldt Williams Pianos
5701 Canton Center Rd.
Plymouth, 1st N. of Ford Rd.
453-6586 Open evenings
SPECIAL SALE
New walnut console piano. Italian Provincial or traditional style. $750, including bench, delivery.
Arnoldt Williams Pianos
5701 Canton Center Rd.
Plymouth, 1st N. of Ford Rd.
453-6586 Open evenings
5-10 Antiques
FORD 1930 model A pick-up truck. Partially restored. Original parts. Call GR 4-2345.
PAIR antique mahogany end tables. $75. 261-2276. 35377 Marcellus, Livonia.
GLASS, Pattern china, Ivory, jade, brass, silver, trinkets. $5. Call Mrs. Bell, 261-3374.
JUNE GRADUATES
TYPISTS
STENOS
GENERAL CLERICAL
Work in downtown Detroit or in a neighborhood office. Good starting salary, plus excellent benefits and hours. No Saturdays.
APPLY AT
DETROIT BANK & TRUST
Personnel Dept. 4th Floor
211 W. FORT ST.
An Equal Opportunity Employer
